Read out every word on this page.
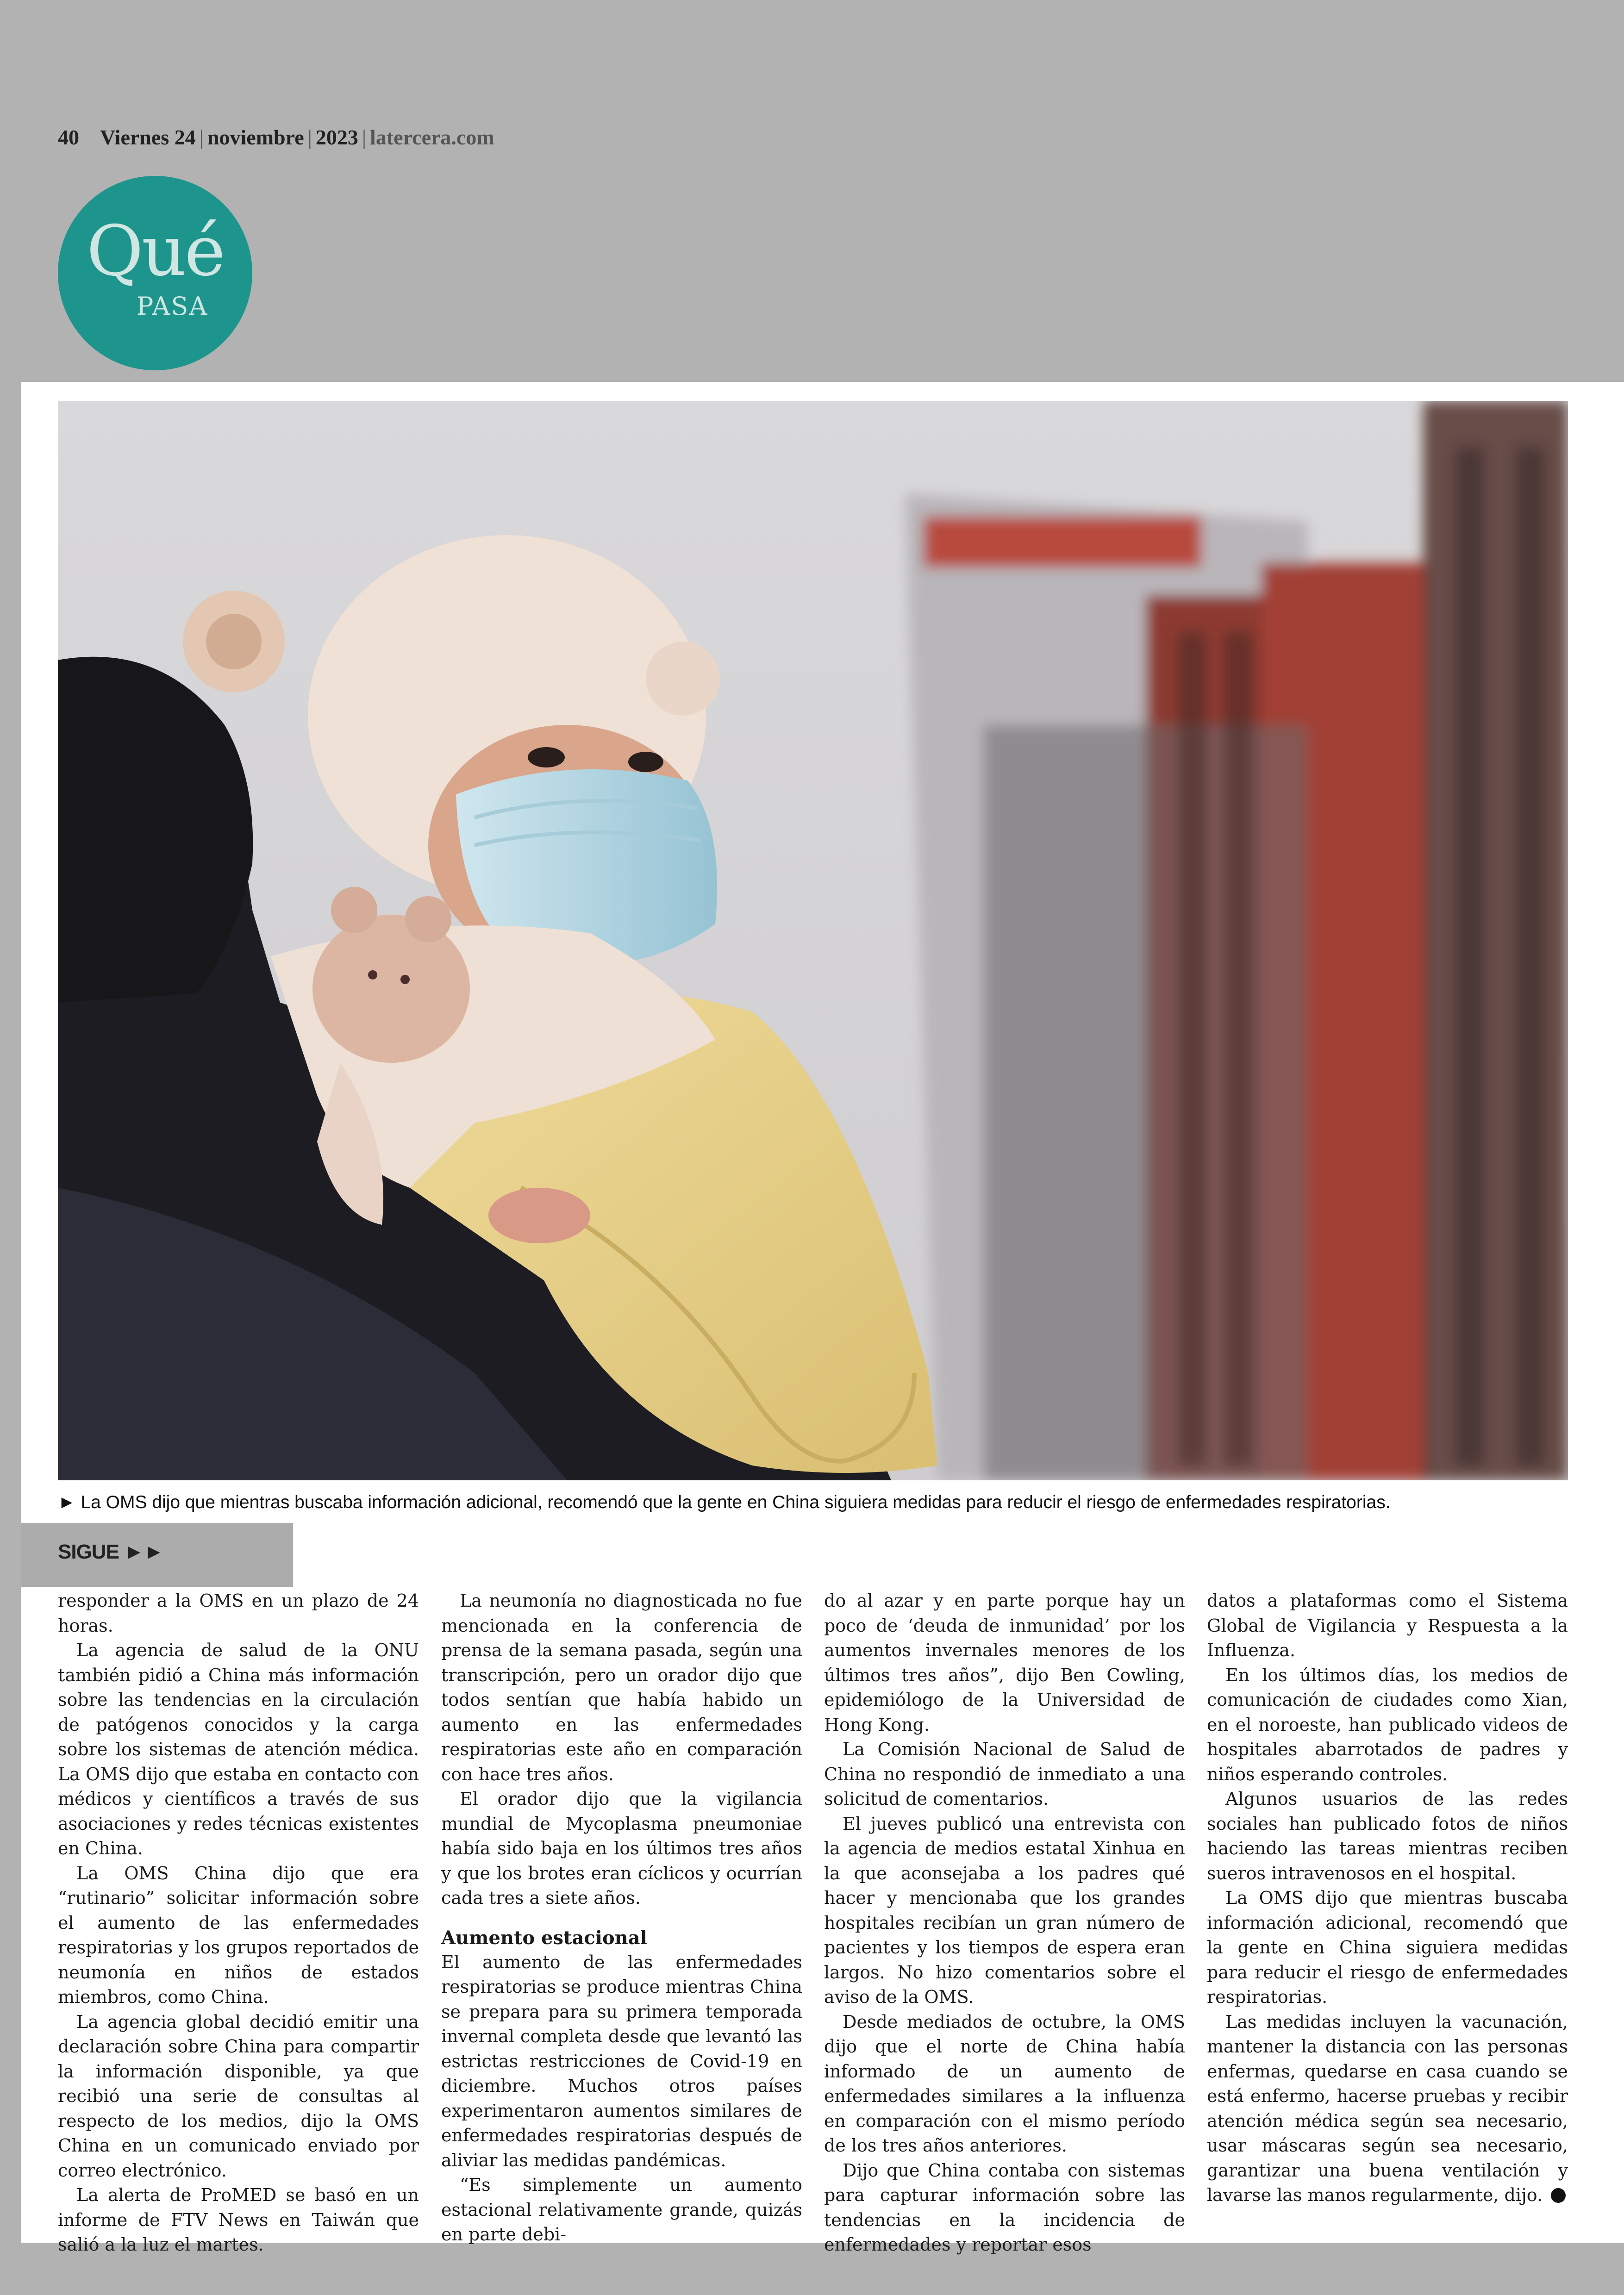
40 Viernes 24 | noviembre | 2023 | latercera.com
Qué
PASA
► La OMS dijo que mientras buscaba información adicional, recomendó que la gente en China siguiera medidas para reducir el riesgo de enfermedades respiratorias.
SIGUE ►►

responder a la OMS en un plazo de 24 horas.

La agencia de salud de la ONU también pidió a China más información sobre las tendencias en la circulación de patógenos conocidos y la carga sobre los sistemas de atención médica. La OMS dijo que estaba en contacto con médicos y científicos a través de sus asociaciones y redes técnicas existentes en China.

La OMS China dijo que era “rutinario” solicitar información sobre el aumento de las enfermedades respiratorias y los grupos reportados de neumonía en niños de estados miembros, como China.

La agencia global decidió emitir una declaración sobre China para compartir la información disponible, ya que recibió una serie de consultas al respecto de los medios, dijo la OMS China en un comunicado enviado por correo electrónico.

La alerta de ProMED se basó en un informe de FTV News en Taiwán que salió a la luz el martes.

La neumonía no diagnosticada no fue mencionada en la conferencia de prensa de la semana pasada, según una transcripción, pero un orador dijo que todos sentían que había habido un aumento en las enfermedades respiratorias este año en comparación con hace tres años.

El orador dijo que la vigilancia mundial de Mycoplasma pneumoniae había sido baja en los últimos tres años y que los brotes eran cíclicos y ocurrían cada tres a siete años.

Aumento estacional

El aumento de las enfermedades respiratorias se produce mientras China se prepara para su primera temporada invernal completa desde que levantó las estrictas restricciones de Covid-19 en diciembre. Muchos otros países experimentaron aumentos similares de enfermedades respiratorias después de aliviar las medidas pandémicas.

“Es simplemente un aumento estacional relativamente grande, quizás en parte debi-

do al azar y en parte porque hay un poco de ‘deuda de inmunidad’ por los aumentos invernales menores de los últimos tres años”, dijo Ben Cowling, epidemiólogo de la Universidad de Hong Kong.

La Comisión Nacional de Salud de China no respondió de inmediato a una solicitud de comentarios.

El jueves publicó una entrevista con la agencia de medios estatal Xinhua en la que aconsejaba a los padres qué hacer y mencionaba que los grandes hospitales recibían un gran número de pacientes y los tiempos de espera eran largos. No hizo comentarios sobre el aviso de la OMS.

Desde mediados de octubre, la OMS dijo que el norte de China había informado de un aumento de enfermedades similares a la influenza en comparación con el mismo período de los tres años anteriores.

Dijo que China contaba con sistemas para capturar información sobre las tendencias en la incidencia de enfermedades y reportar esos

datos a plataformas como el Sistema Global de Vigilancia y Respuesta a la Influenza.

En los últimos días, los medios de comunicación de ciudades como Xian, en el noroeste, han publicado videos de hospitales abarrotados de padres y niños esperando controles.

Algunos usuarios de las redes sociales han publicado fotos de niños haciendo las tareas mientras reciben sueros intravenosos en el hospital.

La OMS dijo que mientras buscaba información adicional, recomendó que la gente en China siguiera medidas para reducir el riesgo de enfermedades respiratorias.

Las medidas incluyen la vacunación, mantener la distancia con las personas enfermas, quedarse en casa cuando se está enfermo, hacerse pruebas y recibir atención médica según sea necesario, usar máscaras según sea necesario, garantizar una buena ventilación y lavarse las manos regularmente, dijo.
